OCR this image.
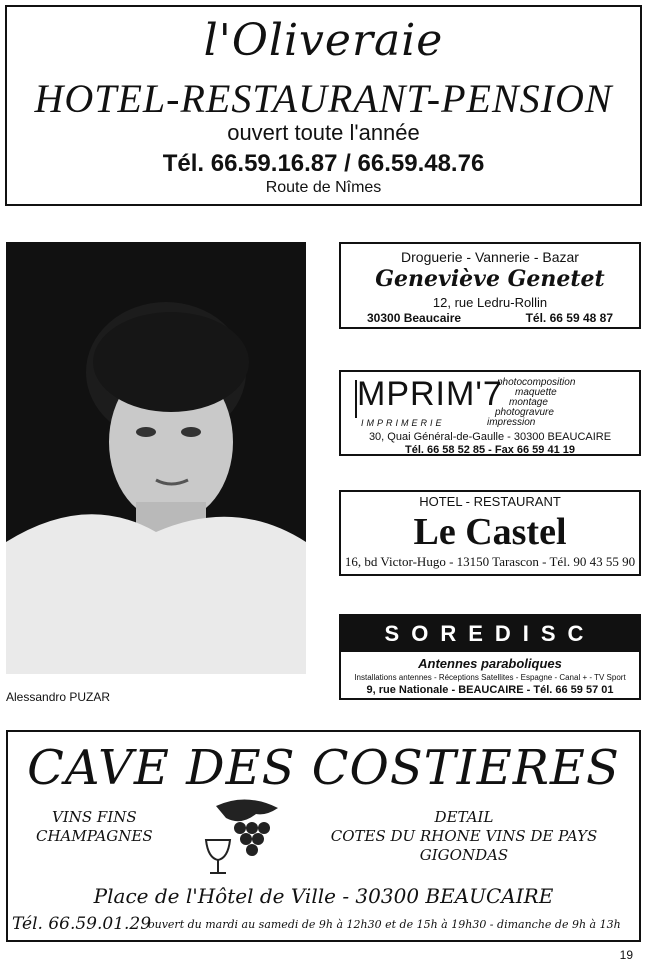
l'Oliveraie
HOTEL-RESTAURANT-PENSION
ouvert toute l'année
Tél. 66.59.16.87 / 66.59.48.76
Route de Nîmes
Alessandro PUZAR
Droguerie - Vannerie - Bazar
Geneviève Genetet
12, rue Ledru-Rollin
30300 Beaucaire	Tél. 66 59 48 87
MPRIM'7
IMPRIMERIE
photocomposition
maquette
montage
photogravure
impression
30, Quai Général-de-Gaulle - 30300 BEAUCAIRE
Tél. 66 58 52 85 - Fax 66 59 41 19
HOTEL - RESTAURANT
Le Castel
16, bd Victor-Hugo - 13150 Tarascon - Tél. 90 43 55 90
SOREDISC
Antennes paraboliques
Installations antennes - Réceptions Satellites - Espagne - Canal + - TV Sport
9, rue Nationale - BEAUCAIRE - Tél. 66 59 57 01
CAVE DES COSTIERES
VINS FINS
CHAMPAGNES
DETAIL
COTES DU RHONE VINS DE PAYS
GIGONDAS
Place de l'Hôtel de Ville - 30300 BEAUCAIRE
Tél. 66.59.01.29
ouvert du mardi au samedi de 9h à 12h30 et de 15h à 19h30 - dimanche de 9h à 13h
19
